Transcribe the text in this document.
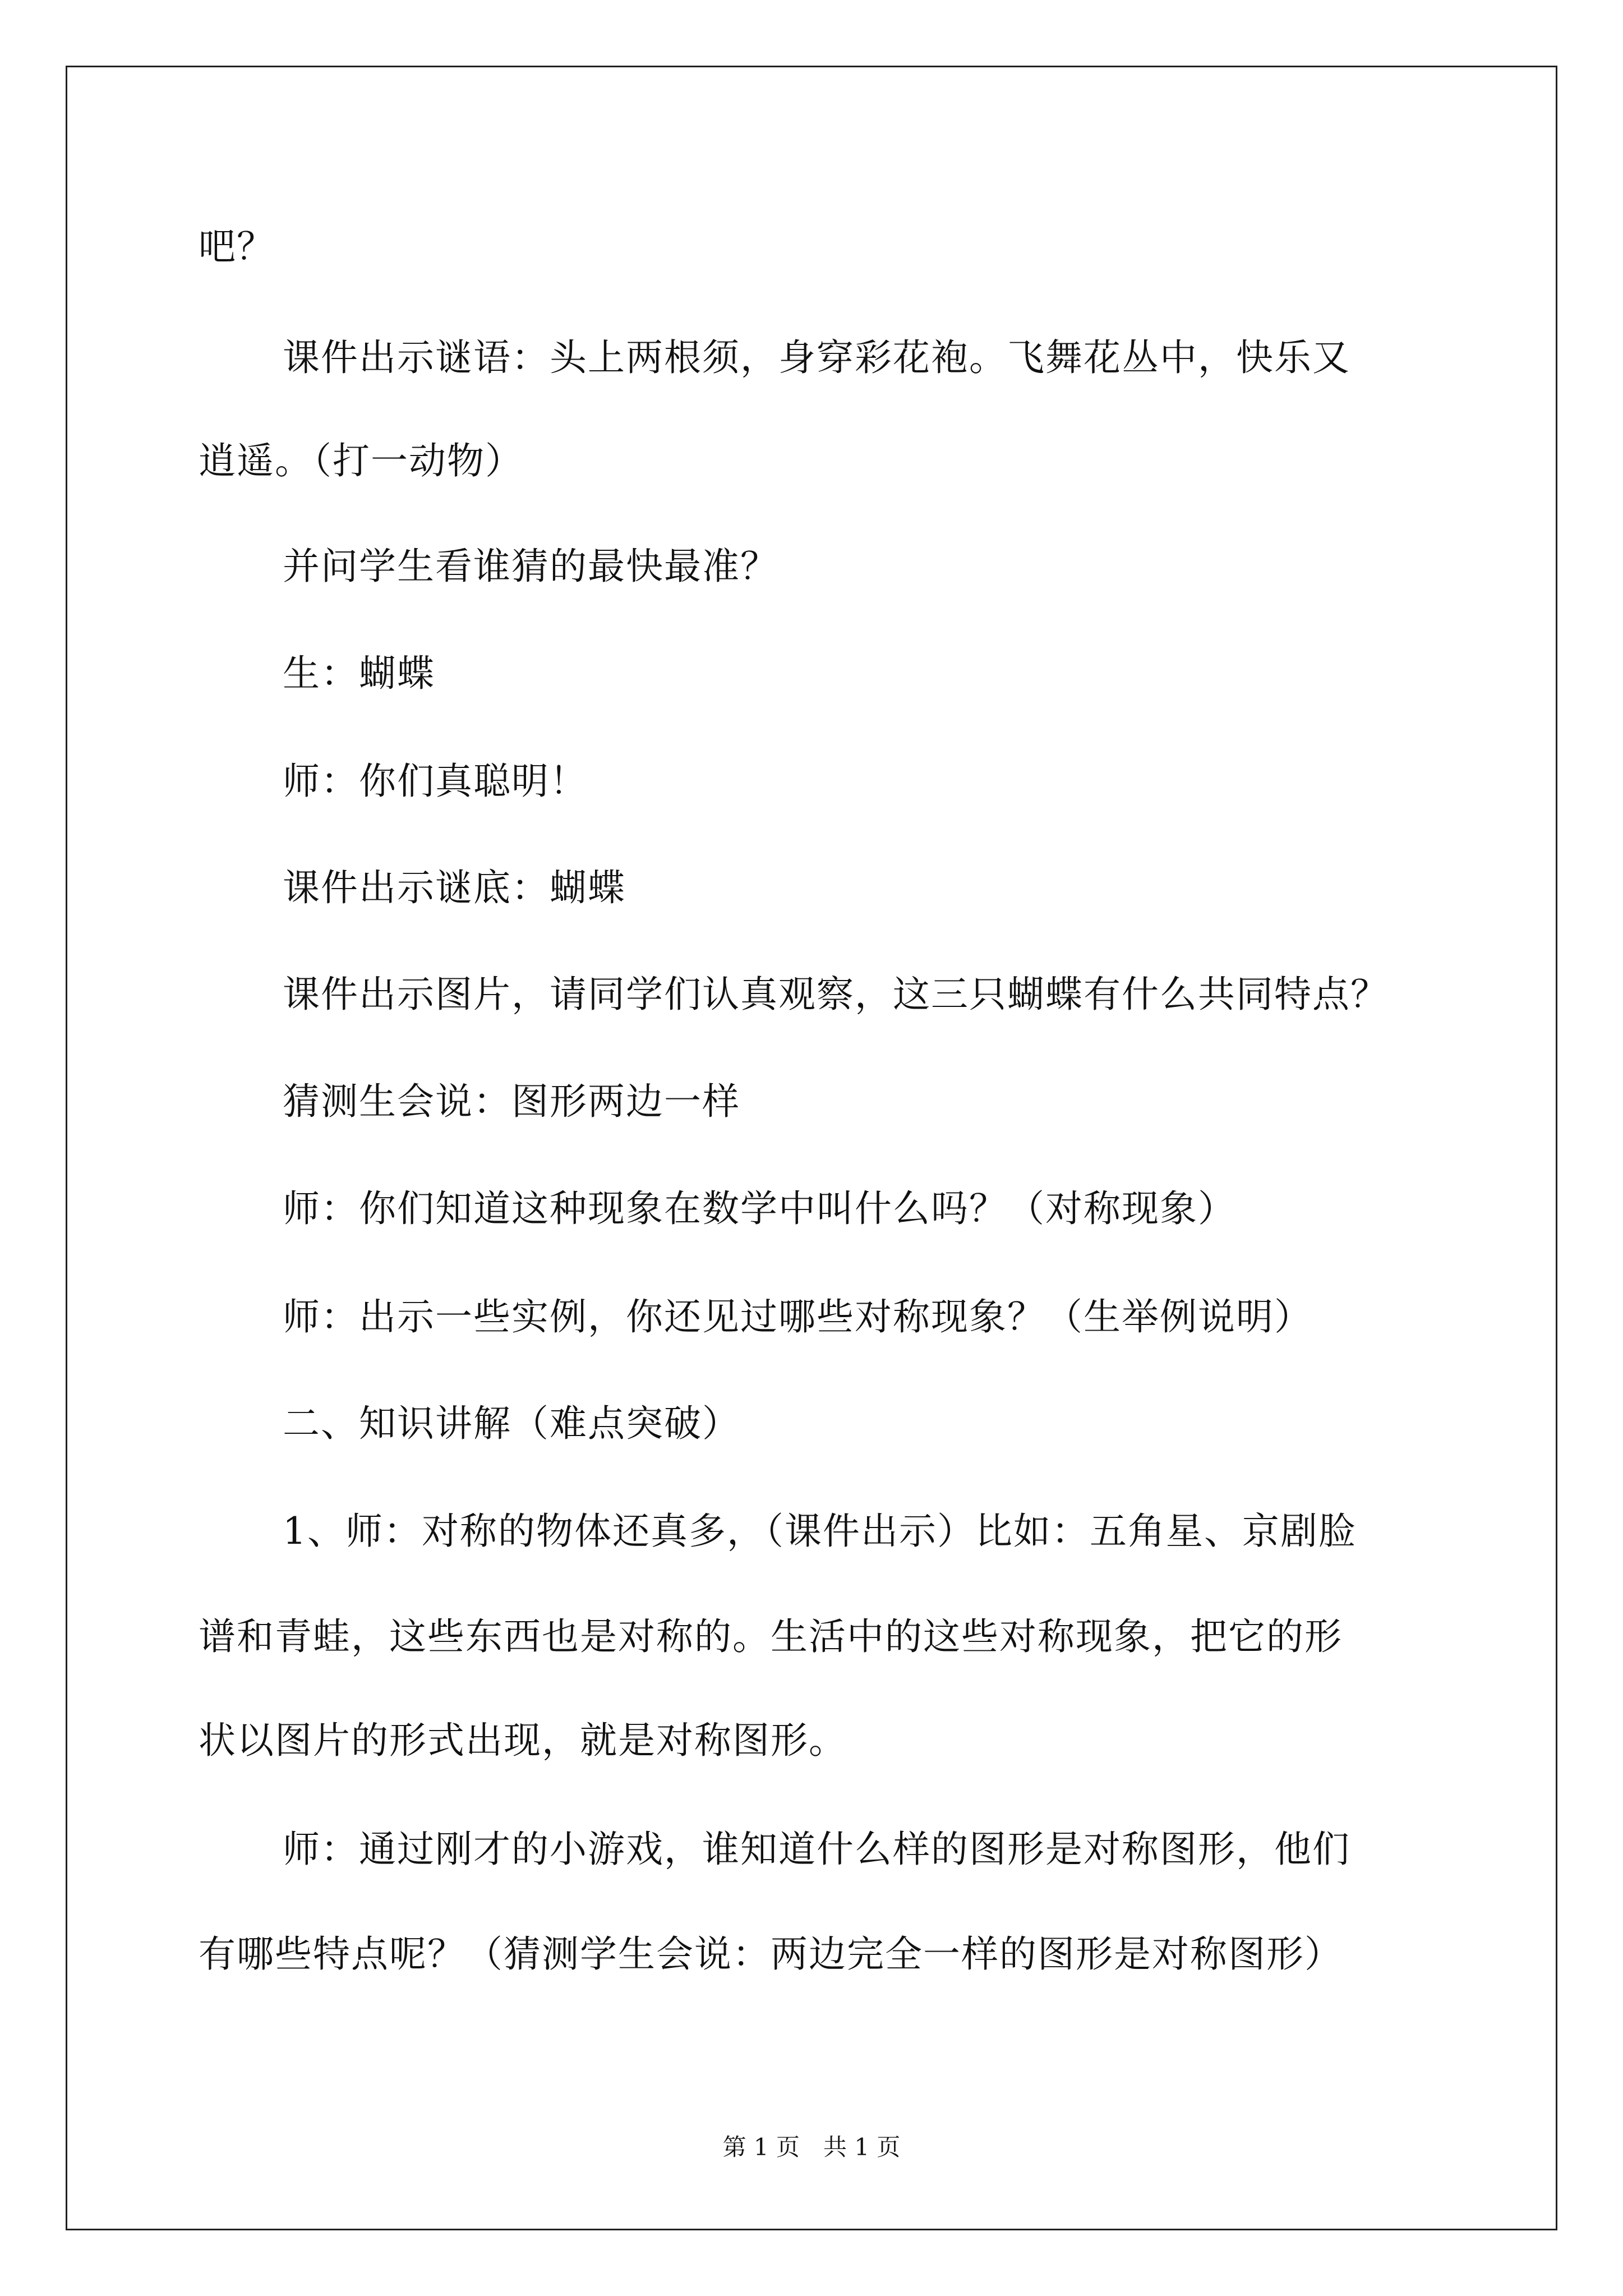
吧？
课件出示谜语：头上两根须，身穿彩花袍。飞舞花丛中，快乐又
逍遥。（打一动物）
并问学生看谁猜的最快最准？
生：蝴蝶
师：你们真聪明！
课件出示谜底：蝴蝶
课件出示图片，请同学们认真观察，这三只蝴蝶有什么共同特点？
猜测生会说：图形两边一样
师：你们知道这种现象在数学中叫什么吗？（对称现象）
师：出示一些实例，你还见过哪些对称现象？（生举例说明）
二、知识讲解（难点突破）
1、师：对称的物体还真多，（课件出示）比如：五角星、京剧脸
谱和青蛙，这些东西也是对称的。生活中的这些对称现象，把它的形
状以图片的形式出现，就是对称图形。
师：通过刚才的小游戏，谁知道什么样的图形是对称图形，他们
有哪些特点呢？（猜测学生会说：两边完全一样的图形是对称图形）
第 1 页　共 1 页
